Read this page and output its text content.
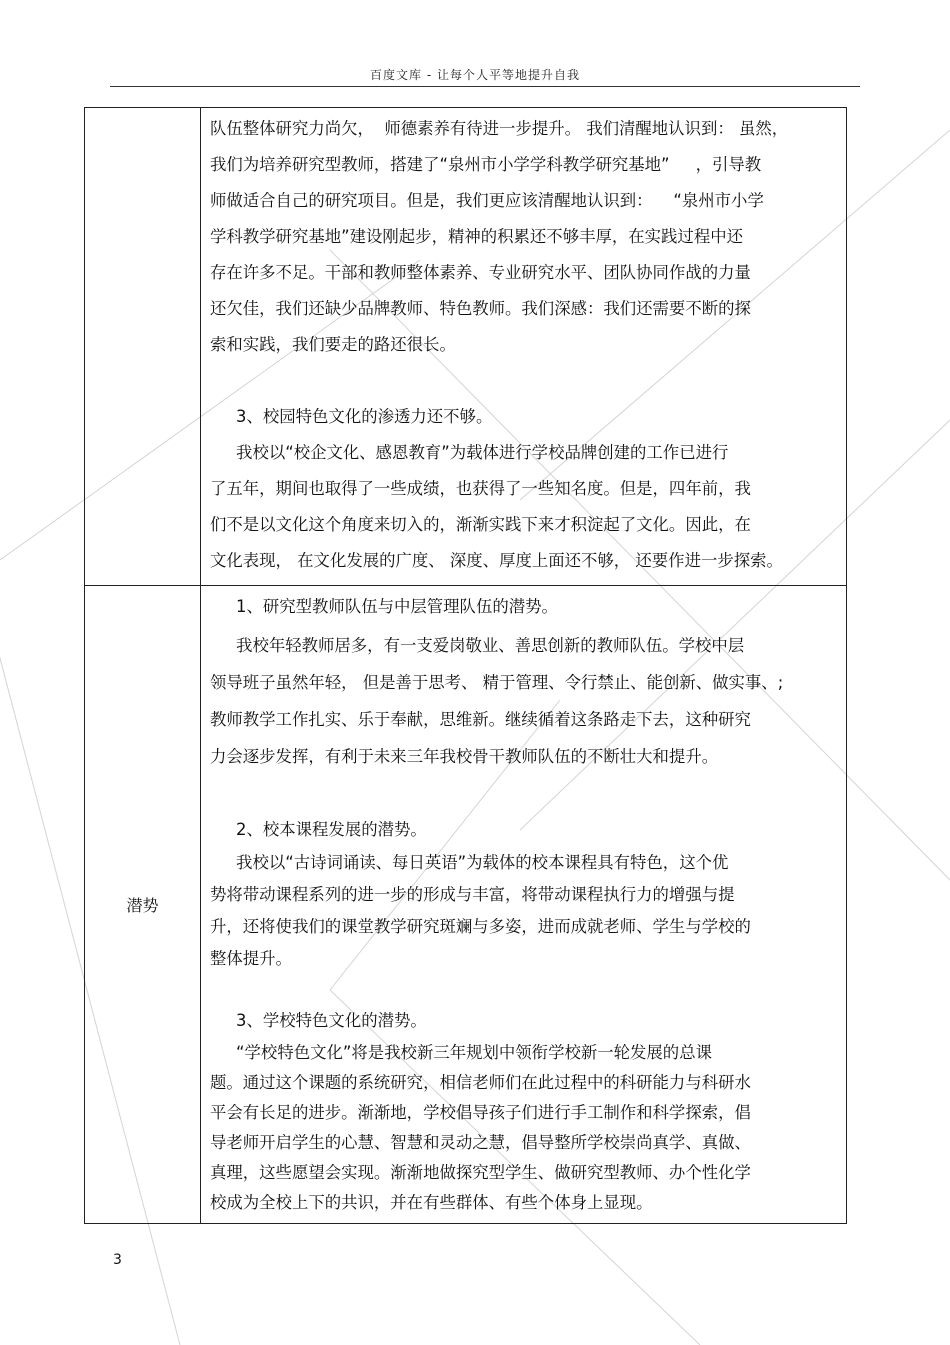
百度文库 - 让每个人平等地提升自我
队伍整体研究力尚欠，  师德素养有待进一步提升。 我们清醒地认识到： 虽然，
我们为培养研究型教师，搭建了“泉州市小学学科教学研究基地”     ，引导教
师做适合自己的研究项目。但是，我们更应该清醒地认识到：    “泉州市小学
学科教学研究基地”建设刚起步，精神的积累还不够丰厚，在实践过程中还
存在许多不足。干部和教师整体素养、专业研究水平、团队协同作战的力量
还欠佳，我们还缺少品牌教师、特色教师。我们深感：我们还需要不断的探
索和实践，我们要走的路还很长。
3、校园特色文化的渗透力还不够。
我校以“校企文化、感恩教育”为载体进行学校品牌创建的工作已进行
了五年，期间也取得了一些成绩，也获得了一些知名度。但是，四年前，我
们不是以文化这个角度来切入的，渐渐实践下来才积淀起了文化。因此，在
文化表现， 在文化发展的广度、 深度、厚度上面还不够， 还要作进一步探索。
潜势
1、研究型教师队伍与中层管理队伍的潜势。
我校年轻教师居多，有一支爱岗敬业、善思创新的教师队伍。学校中层
领导班子虽然年轻， 但是善于思考、 精于管理、令行禁止、能创新、做实事、;
教师教学工作扎实、乐于奉献，思维新。继续循着这条路走下去，这种研究
力会逐步发挥，有利于未来三年我校骨干教师队伍的不断壮大和提升。
2、校本课程发展的潜势。
我校以“古诗词诵读、每日英语”为载体的校本课程具有特色，这个优
势将带动课程系列的进一步的形成与丰富，将带动课程执行力的增强与提
升，还将使我们的课堂教学研究斑斓与多姿，进而成就老师、学生与学校的
整体提升。
3、学校特色文化的潜势。
“学校特色文化”将是我校新三年规划中领衔学校新一轮发展的总课
题。通过这个课题的系统研究，相信老师们在此过程中的科研能力与科研水
平会有长足的进步。渐渐地，学校倡导孩子们进行手工制作和科学探索，倡
导老师开启学生的心慧、智慧和灵动之慧，倡导整所学校崇尚真学、真做、
真理，这些愿望会实现。渐渐地做探究型学生、做研究型教师、办个性化学
校成为全校上下的共识，并在有些群体、有些个体身上显现。
3
